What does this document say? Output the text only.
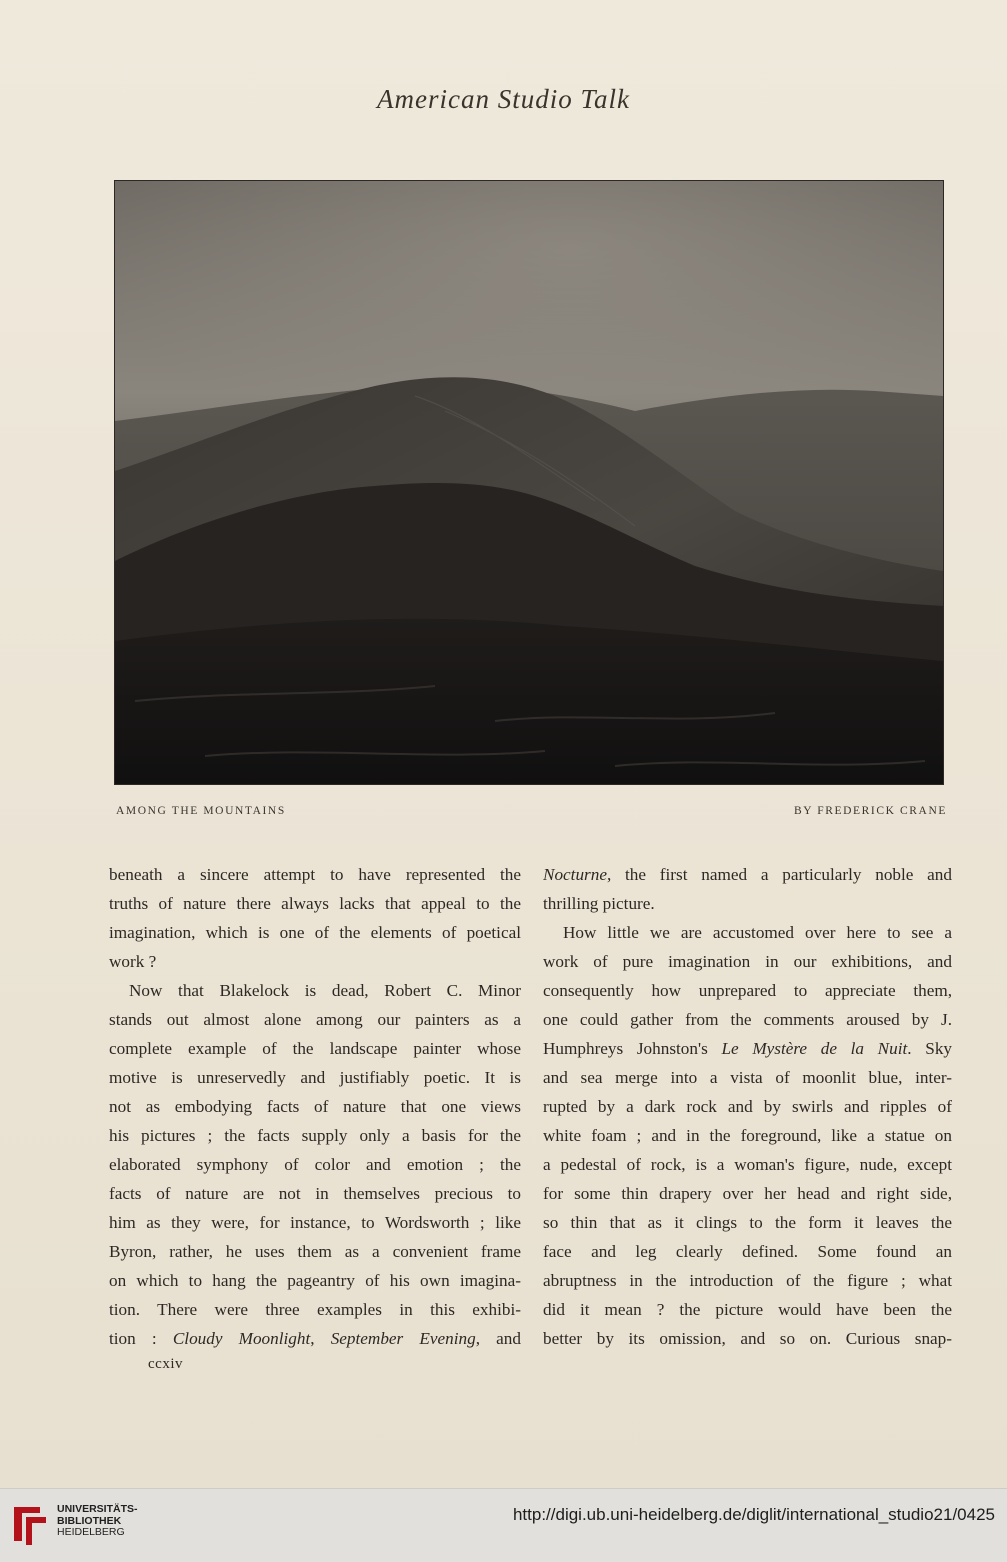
American Studio Talk
AMONG THE MOUNTAINS	BY FREDERICK CRANE
beneath a sincere attempt to have represented the
truths of nature there always lacks that appeal to the
imagination, which is one of the elements of poetical
work ?
Now that Blakelock is dead, Robert C. Minor
stands out almost alone among our painters as a
complete example of the landscape painter whose
motive is unreservedly and justifiably poetic. It is
not as embodying facts of nature that one views
his pictures ; the facts supply only a basis for the
elaborated symphony of color and emotion ; the
facts of nature are not in themselves precious to
him as they were, for instance, to Wordsworth ; like
Byron, rather, he uses them as a convenient frame
on which to hang the pageantry of his own imagina-
tion. There were three examples in this exhibi-
tion : Cloudy Moonlight, September Evening, and
Nocturne, the first named a particularly noble and
thrilling picture.
How little we are accustomed over here to see a
work of pure imagination in our exhibitions, and
consequently how unprepared to appreciate them,
one could gather from the comments aroused by J.
Humphreys Johnston's Le Mystère de la Nuit. Sky
and sea merge into a vista of moonlit blue, inter-
rupted by a dark rock and by swirls and ripples of
white foam ; and in the foreground, like a statue on
a pedestal of rock, is a woman's figure, nude, except
for some thin drapery over her head and right side,
so thin that as it clings to the form it leaves the
face and leg clearly defined. Some found an
abruptness in the introduction of the figure ; what
did it mean ? the picture would have been the
better by its omission, and so on. Curious snap-
ccxiv
UNIVERSITÄTS-
BIBLIOTHEK
HEIDELBERG
http://digi.ub.uni-heidelberg.de/diglit/international_studio21/0425
